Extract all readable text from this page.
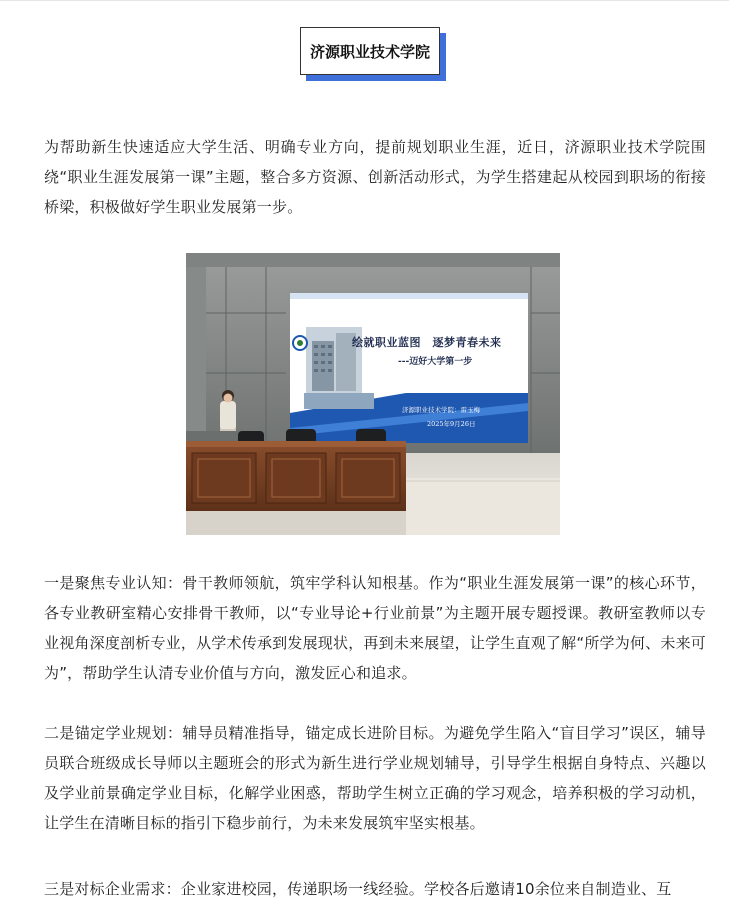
济源职业技术学院

为帮助新生快速适应大学生活、明确专业方向，提前规划职业生涯，近日，济源职业技术学院围绕“职业生涯发展第一课”主题，整合多方资源、创新活动形式，为学生搭建起从校园到职场的衔接桥梁，积极做好学生职业发展第一步。

绘就职业蓝图　逐梦青春未来
---迈好大学第一步
济源职业技术学院：雷玉梅
2025年9月26日

一是聚焦专业认知：骨干教师领航，筑牢学科认知根基。作为“职业生涯发展第一课”的核心环节，各专业教研室精心安排骨干教师，以“专业导论+行业前景”为主题开展专题授课。教研室教师以专业视角深度剖析专业，从学术传承到发展现状，再到未来展望，让学生直观了解“所学为何、未来可为”，帮助学生认清专业价值与方向，激发匠心和追求。

二是锚定学业规划：辅导员精准指导，锚定成长进阶目标。为避免学生陷入“盲目学习”误区，辅导员联合班级成长导师以主题班会的形式为新生进行学业规划辅导，引导学生根据自身特点、兴趣以及学业前景确定学业目标，化解学业困惑，帮助学生树立正确的学习观念，培养积极的学习动机，让学生在清晰目标的指引下稳步前行，为未来发展筑牢坚实根基。

三是对标企业需求：企业家进校园，传递职场一线经验。学校各后邀请10余位来自制造业、互
